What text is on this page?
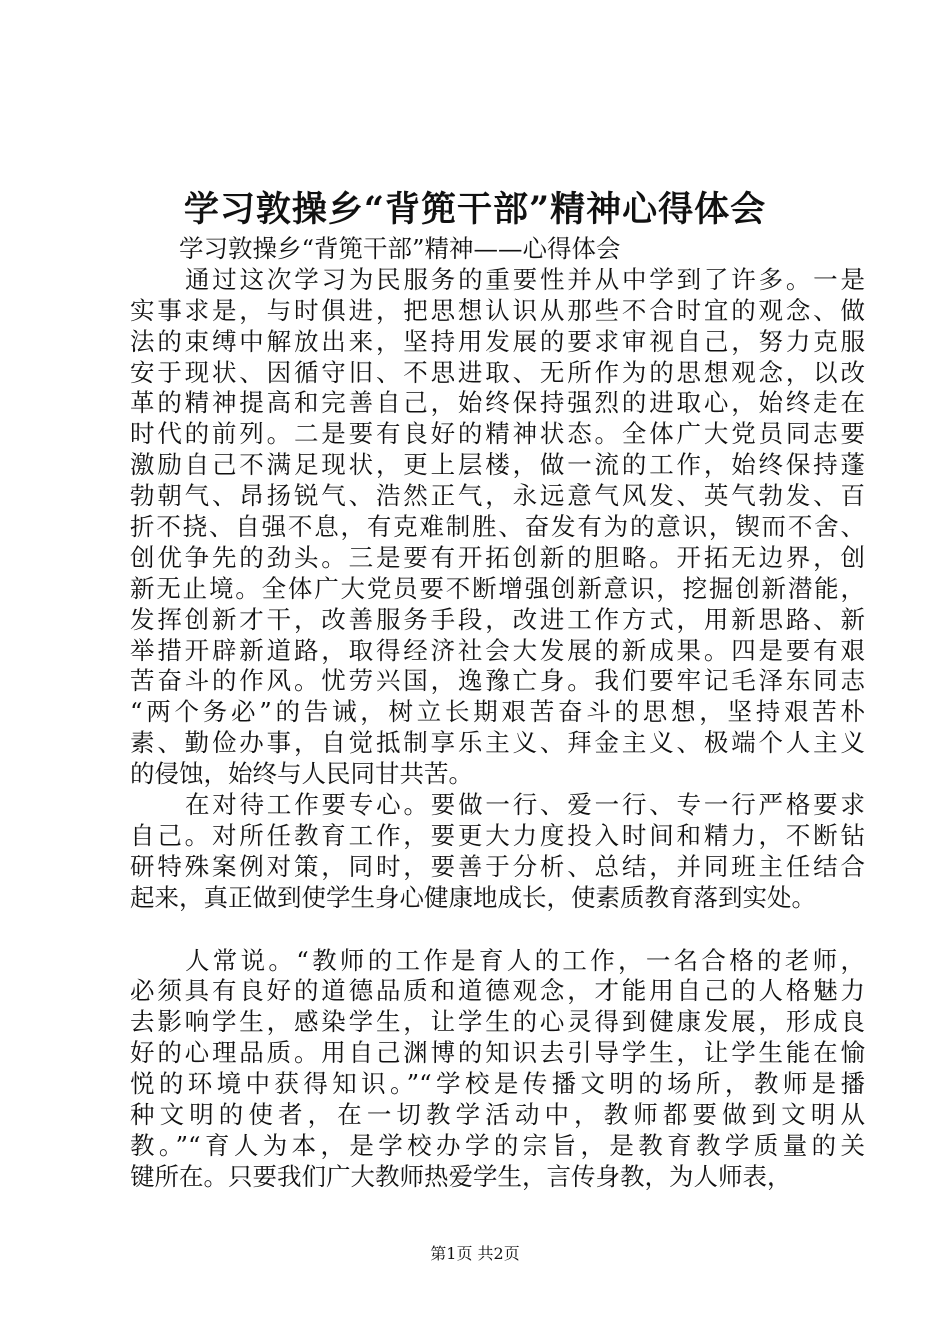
学习敦操乡“背篼干部”精神心得体会
学习敦操乡“背篼干部”精神——心得体会
通过这次学习为民服务的重要性并从中学到了许多。一是
实事求是，与时俱进，把思想认识从那些不合时宜的观念、做
法的束缚中解放出来，坚持用发展的要求审视自己，努力克服
安于现状、因循守旧、不思进取、无所作为的思想观念，以改
革的精神提高和完善自己，始终保持强烈的进取心，始终走在
时代的前列。二是要有良好的精神状态。全体广大党员同志要
激励自己不满足现状，更上层楼，做一流的工作，始终保持蓬
勃朝气、昂扬锐气、浩然正气，永远意气风发、英气勃发、百
折不挠、自强不息，有克难制胜、奋发有为的意识，锲而不舍、
创优争先的劲头。三是要有开拓创新的胆略。开拓无边界，创
新无止境。全体广大党员要不断增强创新意识，挖掘创新潜能，
发挥创新才干，改善服务手段，改进工作方式，用新思路、新
举措开辟新道路，取得经济社会大发展的新成果。四是要有艰
苦奋斗的作风。忧劳兴国，逸豫亡身。我们要牢记毛泽东同志
“两个务必”的告诫，树立长期艰苦奋斗的思想，坚持艰苦朴
素、勤俭办事，自觉抵制享乐主义、拜金主义、极端个人主义
的侵蚀，始终与人民同甘共苦。
在对待工作要专心。要做一行、爱一行、专一行严格要求
自己。对所任教育工作，要更大力度投入时间和精力，不断钻
研特殊案例对策，同时，要善于分析、总结，并同班主任结合
起来，真正做到使学生身心健康地成长，使素质教育落到实处。
人常说。“教师的工作是育人的工作，一名合格的老师，
必须具有良好的道德品质和道德观念，才能用自己的人格魅力
去影响学生，感染学生，让学生的心灵得到健康发展，形成良
好的心理品质。用自己渊博的知识去引导学生，让学生能在愉
悦的环境中获得知识。”“学校是传播文明的场所，教师是播
种文明的使者，在一切教学活动中，教师都要做到文明从
教。”“育人为本，是学校办学的宗旨，是教育教学质量的关
键所在。只要我们广大教师热爱学生，言传身教，为人师表，
第1页 共2页
